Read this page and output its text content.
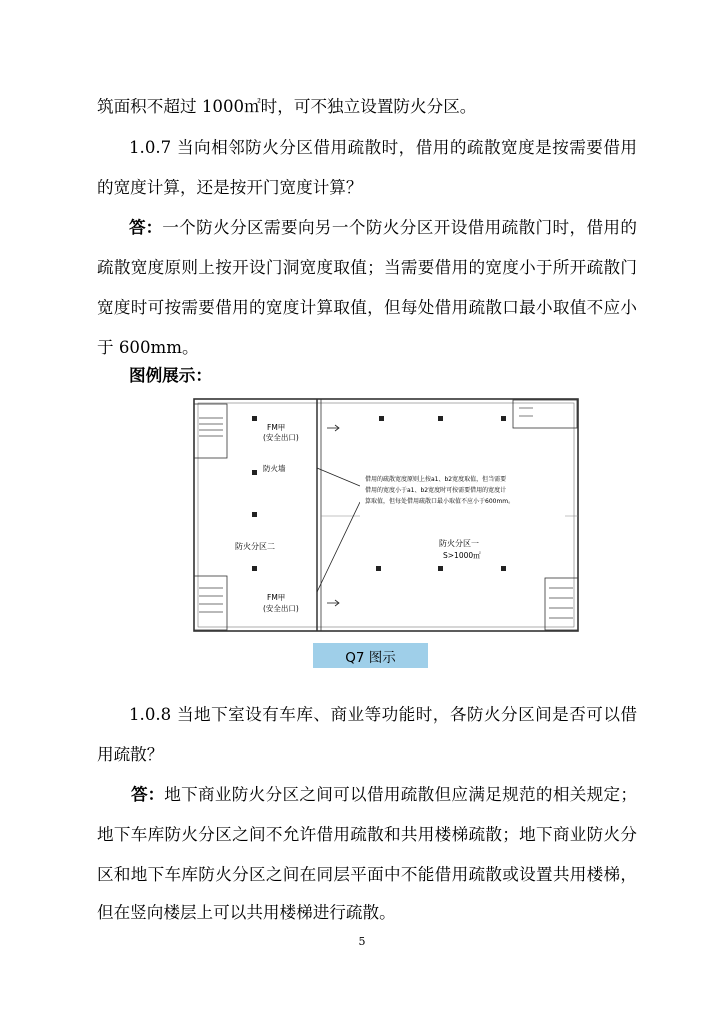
筑面积不超过 1000㎡时，可不独立设置防火分区。
1.0.7 当向相邻防火分区借用疏散时，借用的疏散宽度是按需要借用
的宽度计算，还是按开门宽度计算？
答： 一个防火分区需要向另一个防火分区开设借用疏散门时，借用的
疏散宽度原则上按开设门洞宽度取值；当需要借用的宽度小于所开疏散门
宽度时可按需要借用的宽度计算取值，但每处借用疏散口最小取值不应小
于 600mm。
图例展示：
FM甲
(安全出口)
防火墙
借用的疏散宽度原则上按a1、b2宽度取值，但当需要
借用的宽度小于a1、b2宽度时可按需要借用的宽度计
算取值，但每处借用疏散口最小取值不应小于600mm。
防火分区二	防火分区一
S>1000㎡
FM甲
(安全出口)
Q7 图示
1.0.8 当地下室设有车库、商业等功能时，各防火分区间是否可以借
用疏散？
答： 地下商业防火分区之间可以借用疏散但应满足规范的相关规定；
地下车库防火分区之间不允许借用疏散和共用楼梯疏散；地下商业防火分
区和地下车库防火分区之间在同层平面中不能借用疏散或设置共用楼梯，
但在竖向楼层上可以共用楼梯进行疏散。
5
